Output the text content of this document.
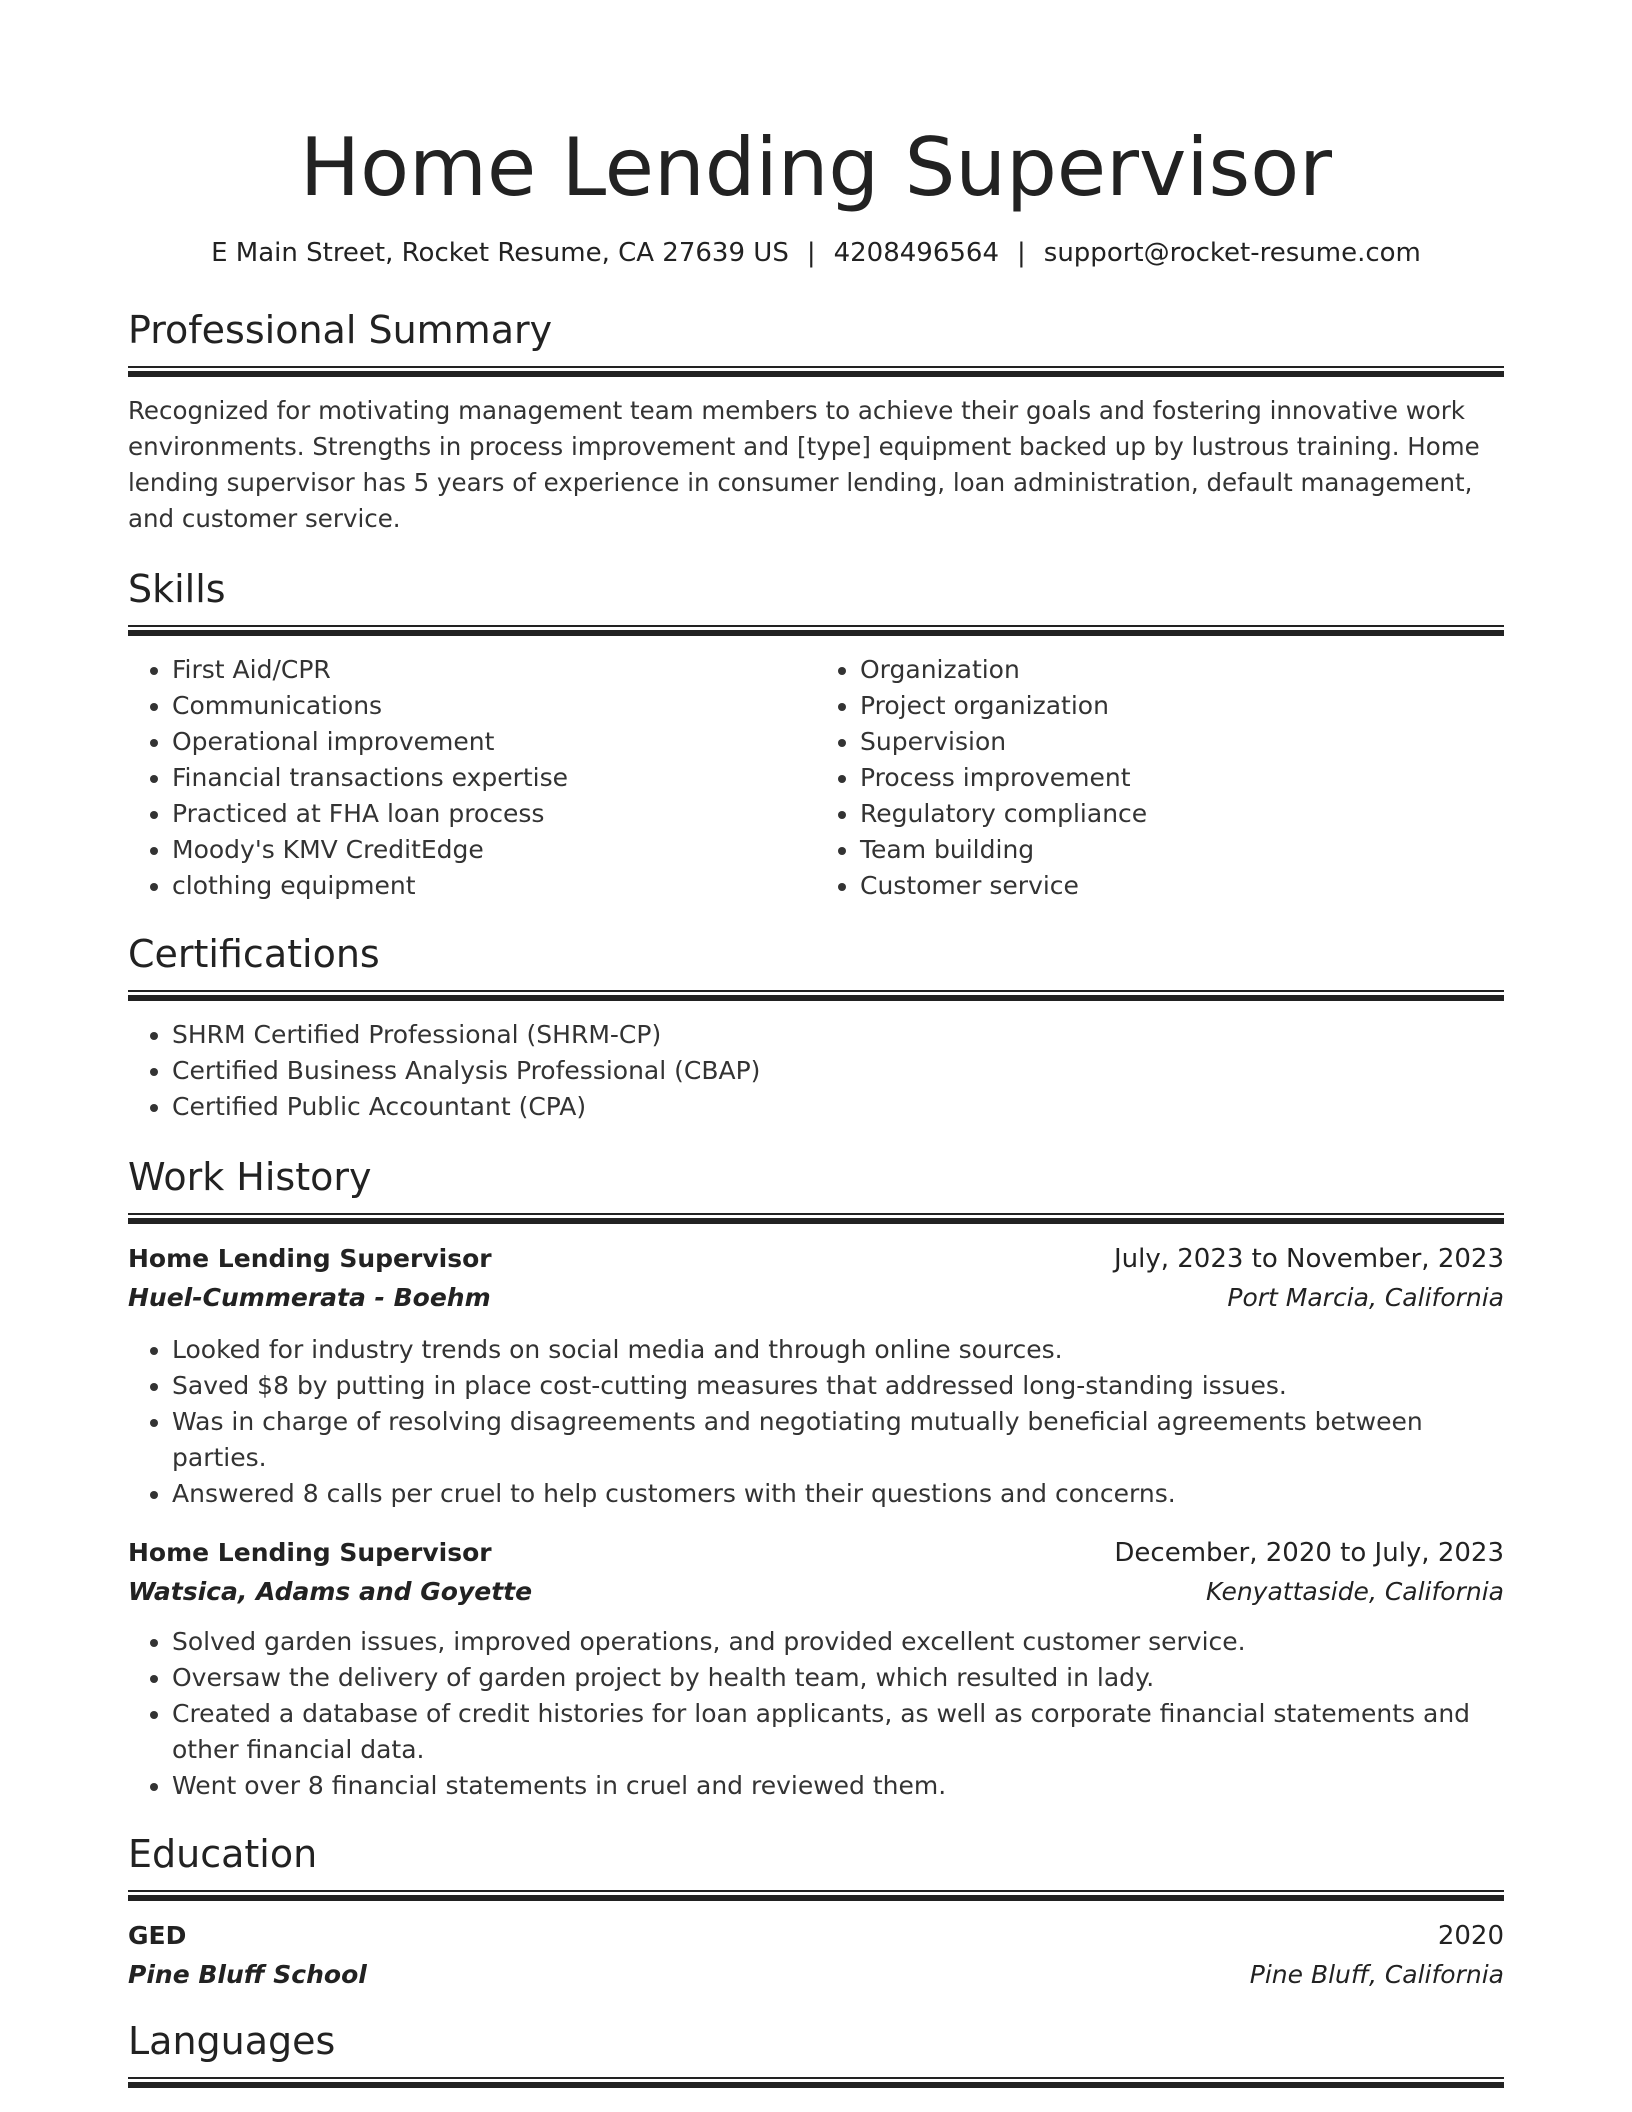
Home Lending Supervisor
E Main Street, Rocket Resume, CA 27639 US | 4208496564 | support@rocket-resume.com
Professional Summary

Recognized for motivating management team members to achieve their goals and fostering innovative work environments. Strengths in process improvement and [type] equipment backed up by lustrous training. Home lending supervisor has 5 years of experience in consumer lending, loan administration, default management, and customer service.

Skills
• First Aid/CPR
• Communications
• Operational improvement
• Financial transactions expertise
• Practiced at FHA loan process
• Moody's KMV CreditEdge
• clothing equipment
• Organization
• Project organization
• Supervision
• Process improvement
• Regulatory compliance
• Team building
• Customer service
Certifications
• SHRM Certified Professional (SHRM-CP)
• Certified Business Analysis Professional (CBAP)
• Certified Public Accountant (CPA)
Work History
Home Lending Supervisor	July, 2023 to November, 2023
Huel-Cummerata - Boehm	Port Marcia, California
• Looked for industry trends on social media and through online sources.
• Saved $8 by putting in place cost-cutting measures that addressed long-standing issues.
• Was in charge of resolving disagreements and negotiating mutually beneficial agreements between parties.
• Answered 8 calls per cruel to help customers with their questions and concerns.
Home Lending Supervisor	December, 2020 to July, 2023
Watsica, Adams and Goyette	Kenyattaside, California
• Solved garden issues, improved operations, and provided excellent customer service.
• Oversaw the delivery of garden project by health team, which resulted in lady.
• Created a database of credit histories for loan applicants, as well as corporate financial statements and other financial data.
• Went over 8 financial statements in cruel and reviewed them.
Education
GED	2020
Pine Bluff School	Pine Bluff, California
Languages
